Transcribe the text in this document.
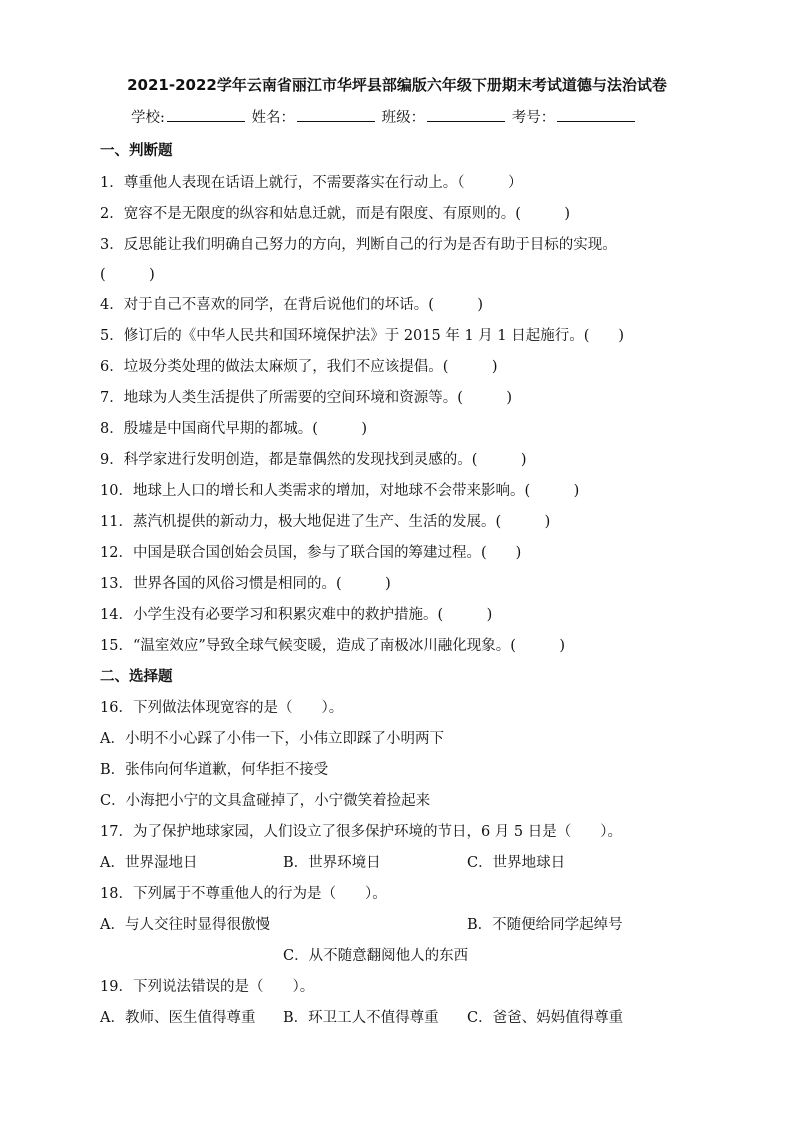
2021-2022学年云南省丽江市华坪县部编版六年级下册期末考试道德与法治试卷
学校:	姓名：	班级：	考号：
一、判断题
1．尊重他人表现在话语上就行，不需要落实在行动上。（　　　）
2．宽容不是无限度的纵容和姑息迁就，而是有限度、有原则的。(　　　)
3．反思能让我们明确自己努力的方向，判断自己的行为是否有助于目标的实现。
(　　　)
4．对于自己不喜欢的同学，在背后说他们的坏话。(　　　)
5．修订后的《中华人民共和国环境保护法》于 2015 年 1 月 1 日起施行。(　　)
6．垃圾分类处理的做法太麻烦了，我们不应该提倡。(　　　)
7．地球为人类生活提供了所需要的空间环境和资源等。(　　　)
8．殷墟是中国商代早期的都城。(　　　)
9．科学家进行发明创造，都是靠偶然的发现找到灵感的。(　　　)
10．地球上人口的增长和人类需求的增加，对地球不会带来影响。(　　　)
11．蒸汽机提供的新动力，极大地促进了生产、生活的发展。(　　　)
12．中国是联合国创始会员国，参与了联合国的筹建过程。(　　)
13．世界各国的风俗习惯是相同的。(　　　)
14．小学生没有必要学习和积累灾难中的救护措施。(　　　)
15．“温室效应”导致全球气候变暖，造成了南极冰川融化现象。(　　　)
二、选择题
16．下列做法体现宽容的是（　　）。
A．小明不小心踩了小伟一下，小伟立即踩了小明两下
B．张伟向何华道歉，何华拒不接受
C．小海把小宁的文具盒碰掉了，小宁微笑着捡起来
17．为了保护地球家园，人们设立了很多保护环境的节日，6 月 5 日是（　　）。
A．世界湿地日	B．世界环境日	C．世界地球日
18．下列属于不尊重他人的行为是（　　）。
A．与人交往时显得很傲慢	B．不随便给同学起绰号
C．从不随意翻阅他人的东西
19．下列说法错误的是（　　）。
A．教师、医生值得尊重 B．环卫工人不值得尊重 C．爸爸、妈妈值得尊重
